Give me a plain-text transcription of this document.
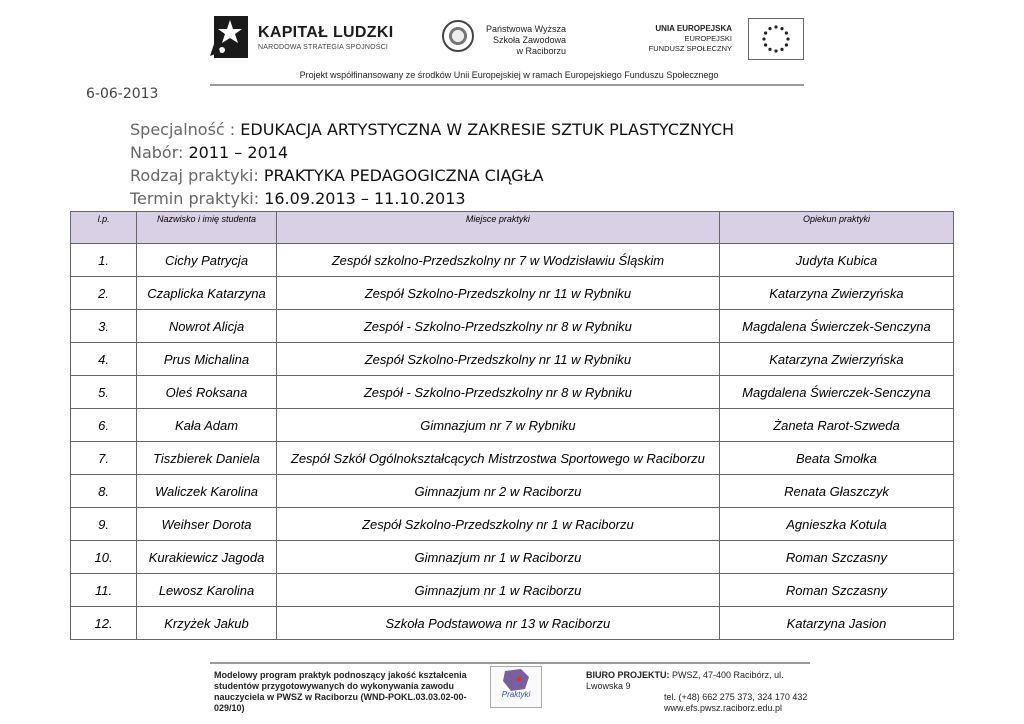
KAPITAŁ LUDZKI
NARODOWA STRATEGIA SPÓJNOŚCI
Państwowa Wyższa
Szkoła Zawodowa
w Raciborzu
UNIA EUROPEJSKA
EUROPEJSKI
FUNDUSZ SPOŁECZNY
Projekt współfinansowany ze środków Unii Europejskiej w ramach Europejskiego Funduszu Społecznego
6-06-2013
Specjalność : EDUKACJA ARTYSTYCZNA W ZAKRESIE SZTUK PLASTYCZNYCH
Nabór: 2011 – 2014
Rodzaj praktyki: PRAKTYKA PEDAGOGICZNA CIĄGŁA
Termin praktyki: 16.09.2013 – 11.10.2013
l.p.	Nazwisko i imię studenta	Miejsce praktyki	Opiekun praktyki
1.	Cichy Patrycja	Zespół szkolno-Przedszkolny nr 7 w Wodzisławiu Śląskim	Judyta Kubica
2.	Czaplicka Katarzyna	Zespół Szkolno-Przedszkolny nr 11 w Rybniku	Katarzyna Zwierzyńska
3.	Nowrot Alicja	Zespół - Szkolno-Przedszkolny nr 8 w Rybniku	Magdalena Świerczek-Senczyna
4.	Prus Michalina	Zespół Szkolno-Przedszkolny nr 11 w Rybniku	Katarzyna Zwierzyńska
5.	Oleś Roksana	Zespół - Szkolno-Przedszkolny nr 8 w Rybniku	Magdalena Świerczek-Senczyna
6.	Kała Adam	Gimnazjum nr 7 w Rybniku	Żaneta Rarot-Szweda
7.	Tiszbierek Daniela	Zespół Szkół Ogólnokształcących Mistrzostwa Sportowego w Raciborzu	Beata Smołka
8.	Waliczek Karolina	Gimnazjum nr 2 w Raciborzu	Renata Głaszczyk
9.	Weihser Dorota	Zespół Szkolno-Przedszkolny nr 1 w Raciborzu	Agnieszka Kotula
10.	Kurakiewicz Jagoda	Gimnazjum nr 1 w Raciborzu	Roman Szczasny
11.	Lewosz Karolina	Gimnazjum nr 1 w Raciborzu	Roman Szczasny
12.	Krzyżek Jakub	Szkoła Podstawowa nr 13 w Raciborzu	Katarzyna Jasion
Modelowy program praktyk podnoszący jakość kształcenia
studentów przygotowywanych do wykonywania zawodu
nauczyciela w PWSZ w Raciborzu (WND-POKL.03.03.02-00-029/10)
Praktyki
BIURO PROJEKTU: PWSZ, 47-400 Racibórz, ul. Lwowska 9
tel. (+48) 662 275 373, 324 170 432
www.efs.pwsz.raciborz.edu.pl
